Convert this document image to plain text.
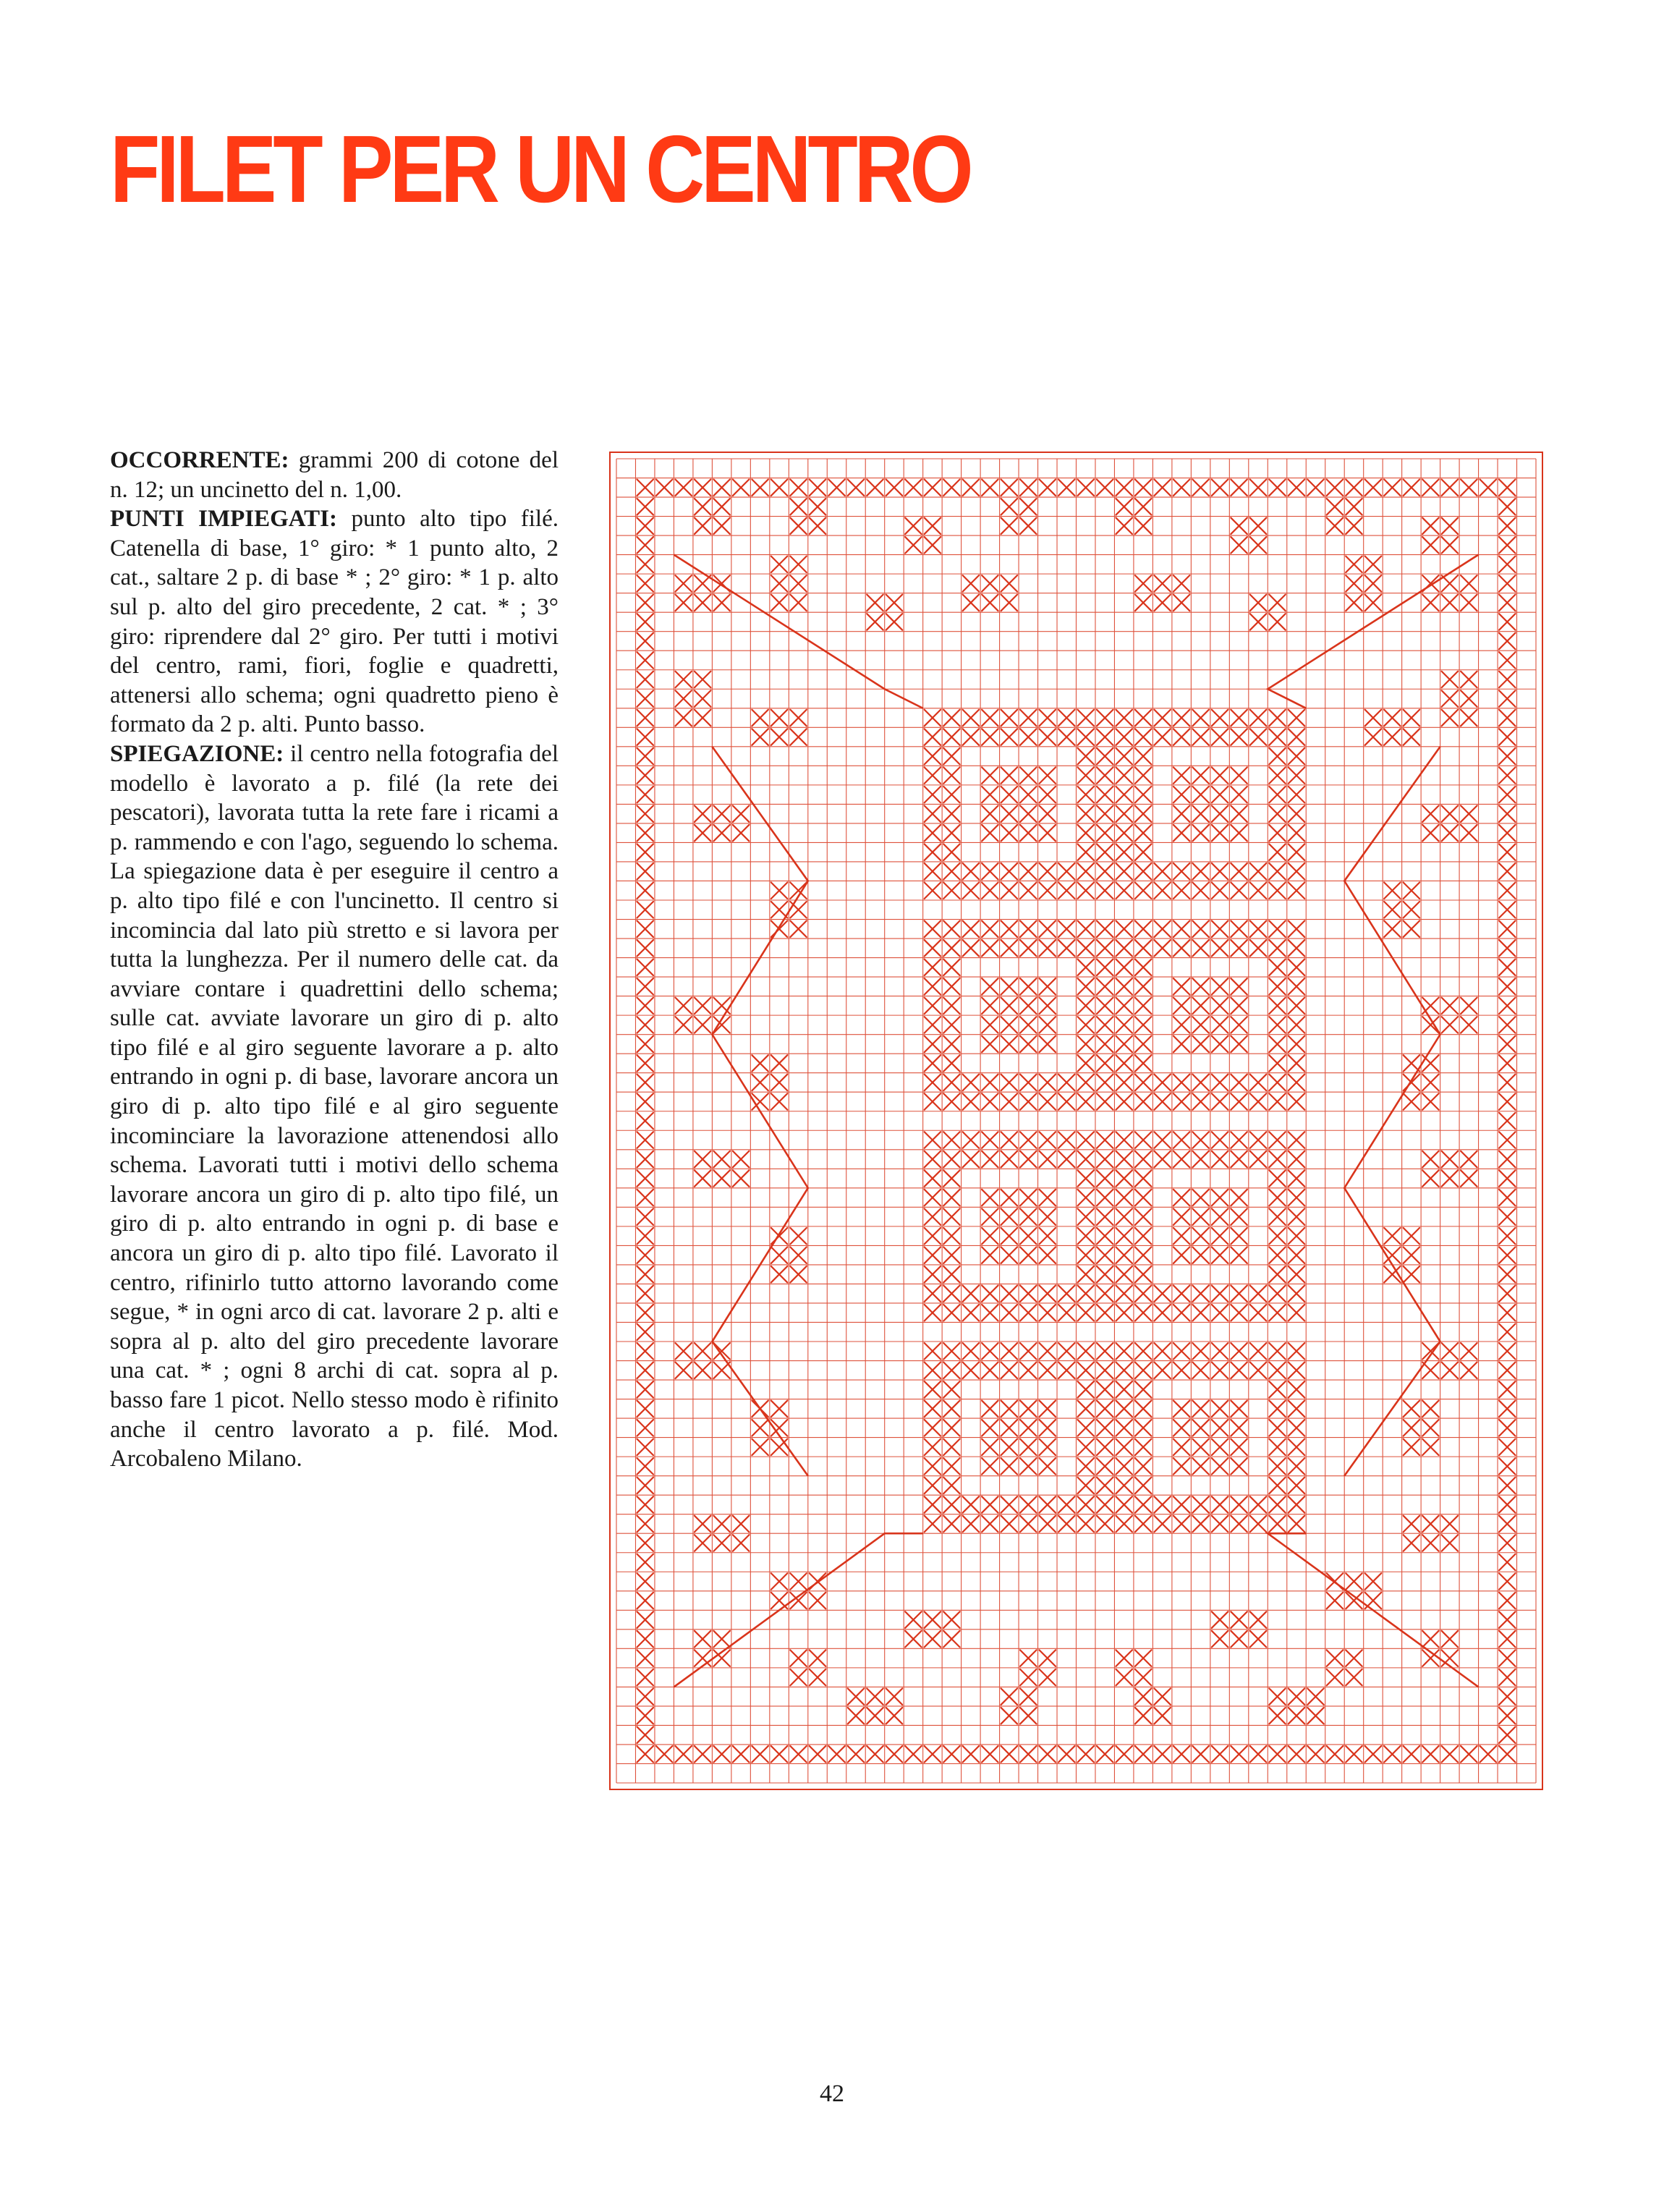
FILET PER UN CENTRO

OCCORRENTE: grammi 200 di cotone del n. 12; un uncinetto del n. 1,00.

PUNTI IMPIEGATI: punto alto tipo filé. Catenella di base, 1° giro: * 1 punto alto, 2 cat., saltare 2 p. di base * ; 2° giro: * 1 p. alto sul p. alto del giro precedente, 2 cat. * ; 3° giro: riprendere dal 2° giro. Per tutti i motivi del centro, rami, fiori, foglie e quadretti, attenersi allo schema; ogni quadretto pieno è formato da 2 p. alti. Punto basso.

SPIEGAZIONE: il centro nella fotografia del modello è lavorato a p. filé (la rete dei pescatori), lavorata tutta la rete fare i ricami a p. rammendo e con l'ago, seguendo lo schema. La spiegazione data è per eseguire il centro a p. alto tipo filé e con l'uncinetto. Il centro si incomincia dal lato più stretto e si lavora per tutta la lunghezza. Per il numero delle cat. da avviare contare i quadrettini dello schema; sulle cat. avviate lavorare un giro di p. alto tipo filé e al giro seguente lavorare a p. alto entrando in ogni p. di base, lavorare ancora un giro di p. alto tipo filé e al giro seguente incominciare la lavorazione attenendosi allo schema. Lavorati tutti i motivi dello schema lavorare ancora un giro di p. alto tipo filé, un giro di p. alto entrando in ogni p. di base e ancora un giro di p. alto tipo filé. Lavorato il centro, rifinirlo tutto attorno lavorando come segue, * in ogni arco di cat. lavorare 2 p. alti e sopra al p. alto del giro precedente lavorare una cat. * ; ogni 8 archi di cat. sopra al p. basso fare 1 picot. Nello stesso modo è rifinito anche il centro lavorato a p. filé. Mod. Arcobaleno Milano.

42
